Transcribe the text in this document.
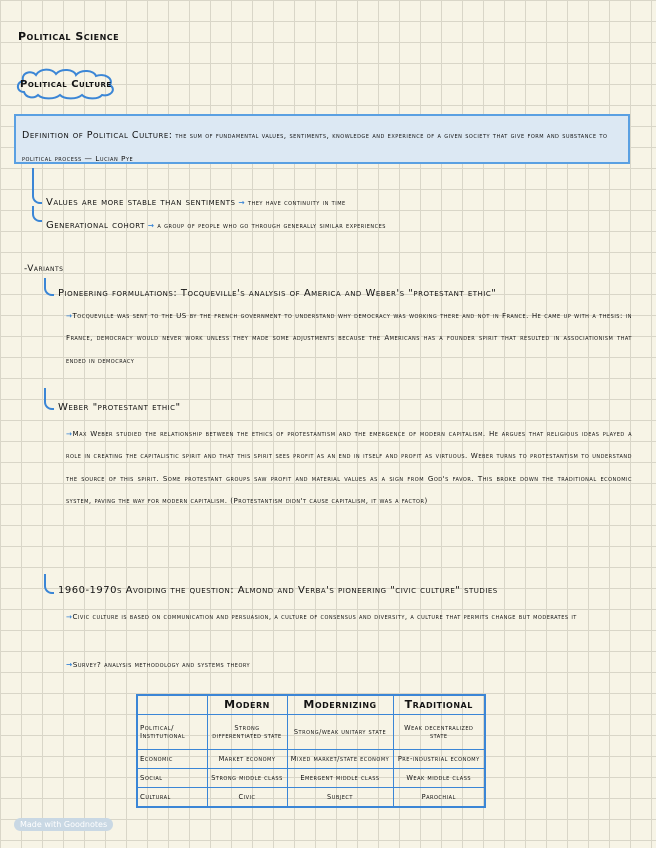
Political Science
Political Culture
Definition of Political Culture: the sum of fundamental values, sentiments, knowledge and experience of a given society that give form and substance to political process — Lucian Pye
Values are more stable than sentiments → they have continuity in time
Generational cohort → a group of people who go through generally similar experiences
-Variants
Pioneering formulations: Tocqueville's analysis of America and Weber's "protestant ethic"
→Tocqueville was sent to the US by the french government to understand why democracy was working there and not in France. He came up with a thesis: in France, democracy would never work unless they made some adjustments because the Americans has a founder spirit that resulted in associationism that ended in democracy
Weber "protestant ethic"
→Max Weber studied the relationship between the ethics of protestantism and the emergence of modern capitalism. He argues that religious ideas played a role in creating the capitalistic spirit and that this spirit sees profit as an end in itself and profit as virtuous. Weber turns to protestantism to understand the source of this spirit. Some protestant groups saw profit and material values as a sign from God's favor. This broke down the traditional economic system, paving the way for modern capitalism. (Protestantism didn't cause capitalism, it was a factor)
1960-1970s Avoiding the question: Almond and Verba's pioneering "civic culture" studies
→Civic culture is based on communication and persuasion, a culture of consensus and diversity, a culture that permits change but moderates it
→Survey? analysis methodology and systems theory
	Modern	Modernizing	Traditional
Political/ Institutional	Strong differentiated state	Strong/weak unitary state	Weak decentralized state
Economic	Market economy	Mixed market/state economy	Pre-industrial economy
Social	Strong middle class	Emergent middle class	Weak middle class
Cultural	Civic	Subject	Parochial
Made with Goodnotes
